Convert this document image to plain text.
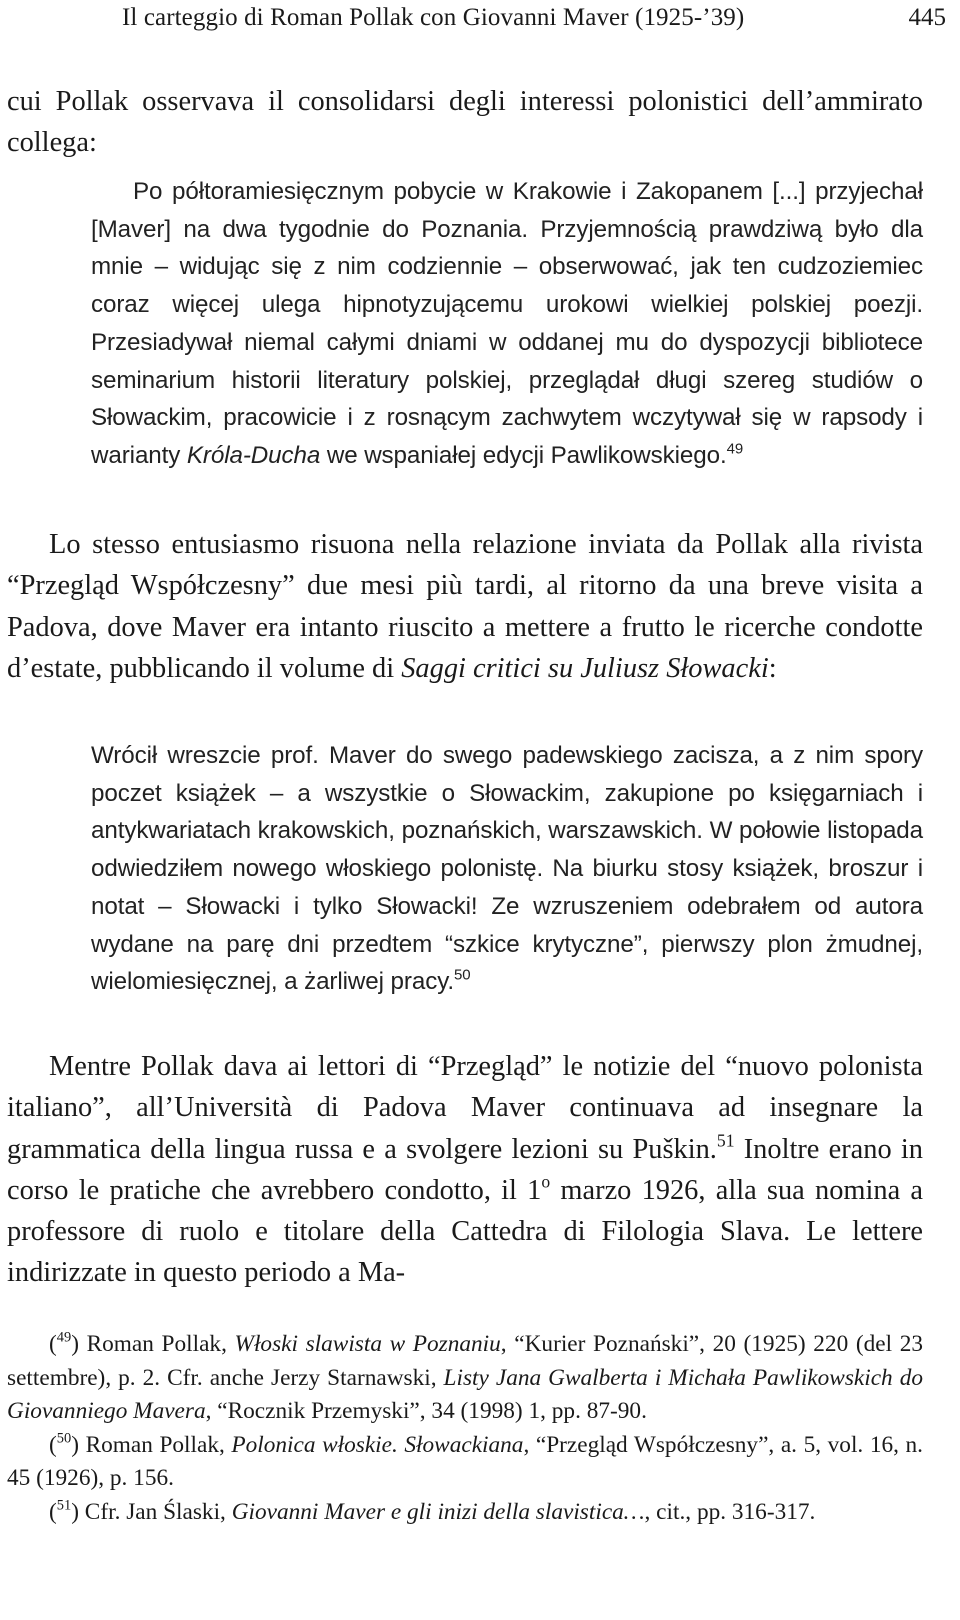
Il carteggio di Roman Pollak con Giovanni Maver (1925-’39)	445

cui Pollak osservava il consolidarsi degli interessi polonistici dell’ammirato collega:

Po półtoramiesięcznym pobycie w Krakowie i Zakopanem [...] przyjechał [Maver] na dwa tygodnie do Poznania. Przyjemnością prawdziwą było dla mnie – widując się z nim codziennie – obserwować, jak ten cudzoziemiec coraz więcej ulega hipnotyzującemu urokowi wielkiej polskiej poezji. Przesiadywał niemal całymi dniami w oddanej mu do dyspozycji bibliotece seminarium historii literatury polskiej, przeglądał długi szereg studiów o Słowackim, pracowicie i z rosnącym zachwytem wczytywał się w rapsody i warianty Króla-Ducha we wspaniałej edycji Pawlikowskiego.$^{49}$

Lo stesso entusiasmo risuona nella relazione inviata da Pollak alla rivista “Przegląd Współczesny” due mesi più tardi, al ritorno da una breve visita a Padova, dove Maver era intanto riuscito a mettere a frutto le ricerche condotte d’estate, pubblicando il volume di Saggi critici su Juliusz Słowacki:

Wrócił wreszcie prof. Maver do swego padewskiego zacisza, a z nim spory poczet książek – a wszystkie o Słowackim, zakupione po księgarniach i antykwariatach krakowskich, poznańskich, warszawskich. W połowie listopada odwiedziłem nowego włoskiego polonistę. Na biurku stosy książek, broszur i notat – Słowacki i tylko Słowacki! Ze wzruszeniem odebrałem od autora wydane na parę dni przedtem “szkice krytyczne”, pierwszy plon żmudnej, wielomiesięcznej, a żarliwej pracy.$^{50}$

Mentre Pollak dava ai lettori di “Przegląd” le notizie del “nuovo polonista italiano”, all’Università di Padova Maver continuava ad insegnare la grammatica della lingua russa e a svolgere lezioni su Puškin.$^{51}$ Inoltre erano in corso le pratiche che avrebbero condotto, il 1$^o$ marzo 1926, alla sua nomina a professore di ruolo e titolare della Cattedra di Filologia Slava. Le lettere indirizzate in questo periodo a Ma-

($^{49}$) Roman Pollak, Włoski slawista w Poznaniu, “Kurier Poznański”, 20 (1925) 220 (del 23 settembre), p. 2. Cfr. anche Jerzy Starnawski, Listy Jana Gwalberta i Michała Pawlikowskich do Giovanniego Mavera, “Rocznik Przemyski”, 34 (1998) 1, pp. 87-90.

($^{50}$) Roman Pollak, Polonica włoskie. Słowackiana, “Przegląd Współczesny”, a. 5, vol. 16, n. 45 (1926), p. 156.

($^{51}$) Cfr. Jan Ślaski, Giovanni Maver e gli inizi della slavistica…, cit., pp. 316-317.
